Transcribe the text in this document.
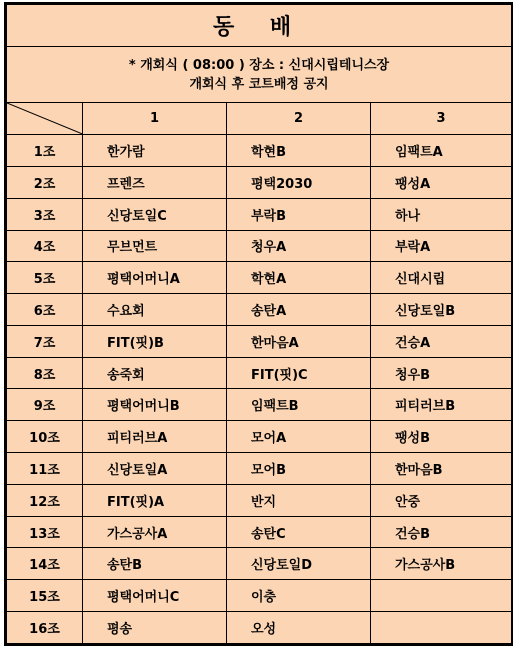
동 배			

* 개회식 ( 08:00 ) 장소 : 신대시립테니스장
개회식 후 코트배정 공지			

	1	2	3
1조	한가람	학현B	임팩트A

2조	프렌즈	평택2030	팽성A

3조	신당토일C	부락B	하나

4조	무브먼트	청우A	부락A

5조	평택어머니A	학현A	신대시립

6조	수요회	송탄A	신당토일B

7조	FIT(핏)B	한마음A	건승A

8조	송죽회	FIT(핏)C	청우B

9조	평택어머니B	임팩트B	피티러브B

10조	피티러브A	모어A	팽성B

11조	신당토일A	모어B	한마음B

12조	FIT(핏)A	반지	안중

13조	가스공사A	송탄C	건승B

14조	송탄B	신당토일D	가스공사B

15조	평택어머니C	이충	

16조	평송	오성	
